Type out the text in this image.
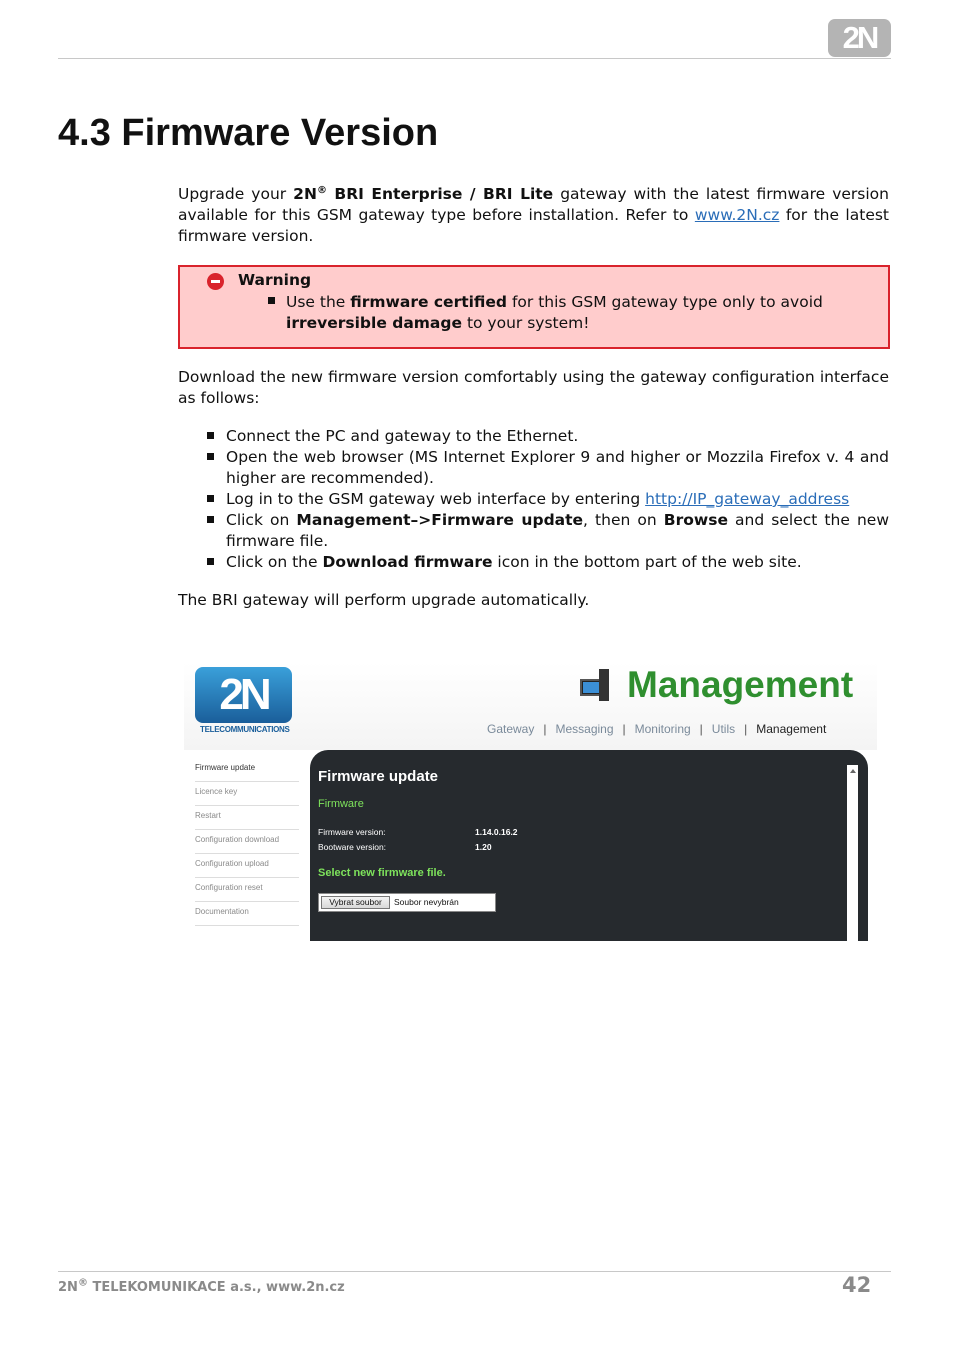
2N
4.3 Firmware Version

Upgrade your 2N® BRI Enterprise / BRI Lite gateway with the latest firmware version available for this GSM gateway type before installation. Refer to www.2N.cz for the latest firmware version.

Warning
Use the firmware certified for this GSM gateway type only to avoid irreversible damage to your system!

Download the new firmware version comfortably using the gateway configuration interface as follows:

Connect the PC and gateway to the Ethernet.
Open the web browser (MS Internet Explorer 9 and higher or Mozzila Firefox v. 4 and higher are recommended).
Log in to the GSM gateway web interface by entering http://IP_gateway_address
Click on Management–>Firmware update, then on Browse and select the new firmware file.
Click on the Download firmware icon in the bottom part of the web site.

The BRI gateway will perform upgrade automatically.

2N
TELECOMMUNICATIONS
Management
Gateway | Messaging | Monitoring | Utils | Management
Firmware update
Licence key
Restart
Configuration download
Configuration upload
Configuration reset
Documentation
Firmware update
Firmware
Firmware version:	1.14.0.16.2
Bootware version:	1.20
Select new firmware file.
Vybrat soubor	Soubor nevybrán
2N® TELEKOMUNIKACE a.s., www.2n.cz	42
